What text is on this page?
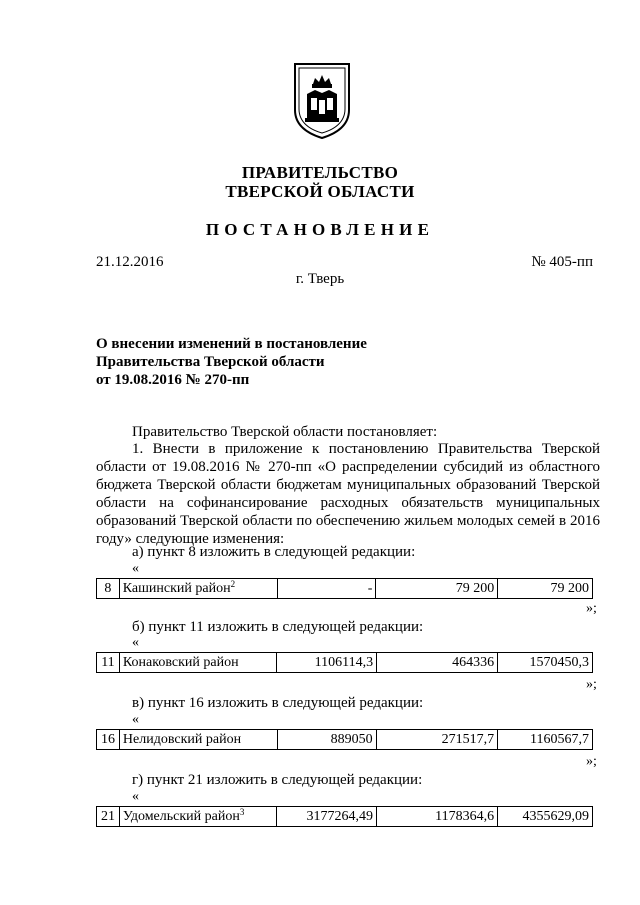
ПРАВИТЕЛЬСТВО
ТВЕРСКОЙ ОБЛАСТИ
ПОСТАНОВЛЕНИЕ
21.12.2016	№ 405-пп
г. Тверь
О внесении изменений в постановление
Правительства Тверской области
от 19.08.2016 № 270-пп
Правительство Тверской области постановляет:
1. Внести в приложение к постановлению Правительства Тверской области от 19.08.2016 № 270-пп «О распределении субсидий из областного бюджета Тверской области бюджетам муниципальных образований Тверской области на софинансирование расходных обязательств муниципальных образований Тверской области по обеспечению жильем молодых семей в 2016 году» следующие изменения:
а) пункт 8 изложить в следующей редакции:
«
8	Кашинский район$^2$	-	79 200	79 200
»;
б) пункт 11 изложить в следующей редакции:
«
11	Конаковский район	1106114,3	464336	1570450,3
»;
в) пункт 16 изложить в следующей редакции:
«
16	Нелидовский район	889050	271517,7	1160567,7
»;
г) пункт 21 изложить в следующей редакции:
«
21	Удомельский район$^3$	3177264,49	1178364,6	4355629,09
